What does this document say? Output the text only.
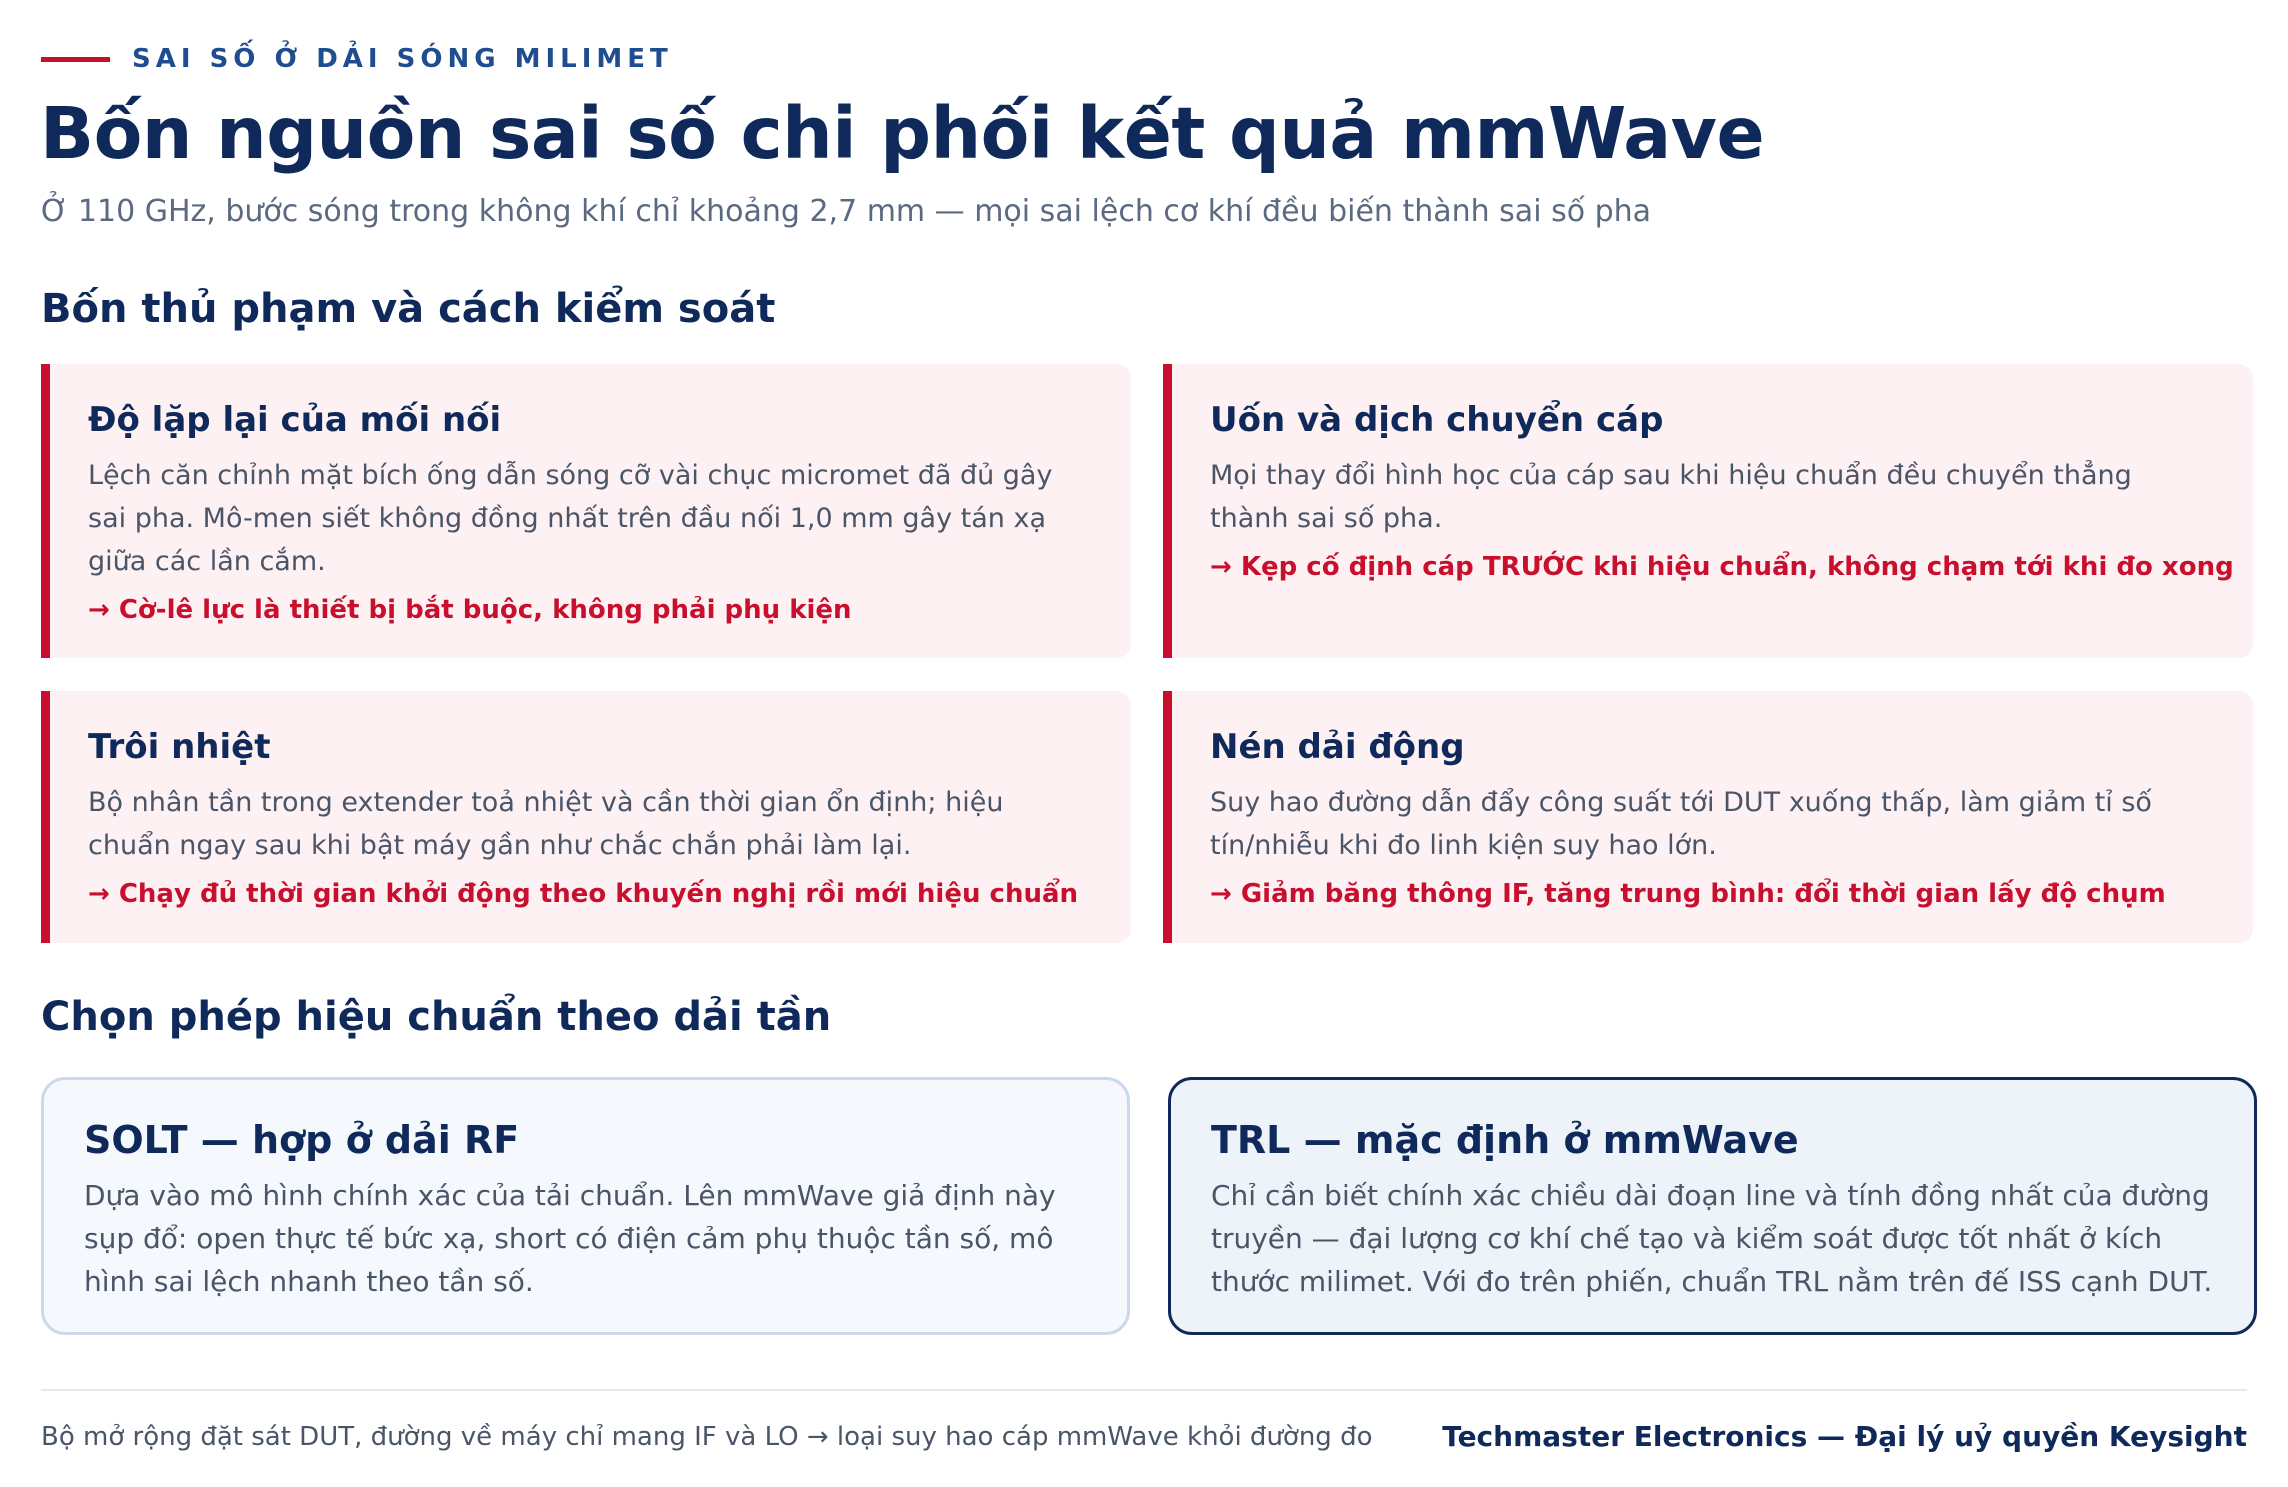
SAI SỐ Ở DẢI SÓNG MILIMET
Bốn nguồn sai số chi phối kết quả mmWave
Ở 110 GHz, bước sóng trong không khí chỉ khoảng 2,7 mm — mọi sai lệch cơ khí đều biến thành sai số pha
Bốn thủ phạm và cách kiểm soát
Độ lặp lại của mối nối
Lệch căn chỉnh mặt bích ống dẫn sóng cỡ vài chục micromet đã đủ gây sai pha. Mô-men siết không đồng nhất trên đầu nối 1,0 mm gây tán xạ giữa các lần cắm.
→ Cờ-lê lực là thiết bị bắt buộc, không phải phụ kiện
Uốn và dịch chuyển cáp
Mọi thay đổi hình học của cáp sau khi hiệu chuẩn đều chuyển thẳng thành sai số pha.
→ Kẹp cố định cáp TRƯỚC khi hiệu chuẩn, không chạm tới khi đo xong
Trôi nhiệt
Bộ nhân tần trong extender toả nhiệt và cần thời gian ổn định; hiệu chuẩn ngay sau khi bật máy gần như chắc chắn phải làm lại.
→ Chạy đủ thời gian khởi động theo khuyến nghị rồi mới hiệu chuẩn
Nén dải động
Suy hao đường dẫn đẩy công suất tới DUT xuống thấp, làm giảm tỉ số tín/nhiễu khi đo linh kiện suy hao lớn.
→ Giảm băng thông IF, tăng trung bình: đổi thời gian lấy độ chụm
Chọn phép hiệu chuẩn theo dải tần
SOLT — hợp ở dải RF
Dựa vào mô hình chính xác của tải chuẩn. Lên mmWave giả định này sụp đổ: open thực tế bức xạ, short có điện cảm phụ thuộc tần số, mô hình sai lệch nhanh theo tần số.
TRL — mặc định ở mmWave
Chỉ cần biết chính xác chiều dài đoạn line và tính đồng nhất của đường truyền — đại lượng cơ khí chế tạo và kiểm soát được tốt nhất ở kích thước milimet. Với đo trên phiến, chuẩn TRL nằm trên đế ISS cạnh DUT.
Bộ mở rộng đặt sát DUT, đường về máy chỉ mang IF và LO → loại suy hao cáp mmWave khỏi đường đo Techmaster Electronics — Đại lý uỷ quyền Keysight
